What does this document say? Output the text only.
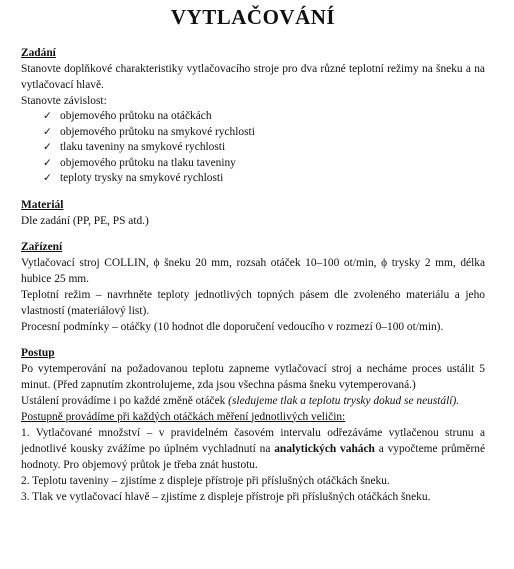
VYTLAČOVÁNÍ
Zadání

Stanovte doplňkové charakteristiky vytlačovacího stroje pro dva různé teplotní režimy na šneku a na vytlačovací hlavě.

Stanovte závislost:

✓ objemového průtoku na otáčkách
✓ objemového průtoku na smykové rychlosti
✓ tlaku taveniny na smykové rychlosti
✓ objemového průtoku na tlaku taveniny
✓ teploty trysky na smykové rychlosti
Materiál

Dle zadání (PP, PE, PS atd.)

Zařízení

Vytlačovací stroj COLLIN, ϕ šneku 20 mm, rozsah otáček 10–100 ot/min, ϕ trysky 2 mm, délka hubice 25 mm.

Teplotní režim – navrhněte teploty jednotlivých topných pásem dle zvoleného materiálu a jeho vlastností (materiálový list).

Procesní podmínky – otáčky (10 hodnot dle doporučení vedoucího v rozmezí 0–100 ot/min).

Postup

Po vytemperování na požadovanou teplotu zapneme vytlačovací stroj a necháme proces ustálit 5 minut. (Před zapnutím zkontrolujeme, zda jsou všechna pásma šneku vytemperovaná.)

Ustálení provádíme i po každé změně otáček (sledujeme tlak a teplotu trysky dokud se neustálí).

Postupně provádíme při každých otáčkách měření jednotlivých veličin:

1. Vytlačované množství – v pravidelném časovém intervalu odřezáváme vytlačenou strunu a jednotlivé kousky zvážíme po úplném vychladnutí na analytických vahách a vypočteme průměrné hodnoty. Pro objemový průtok je třeba znát hustotu.

2. Teplotu taveniny – zjistíme z displeje přístroje při příslušných otáčkách šneku.

3. Tlak ve vytlačovací hlavě – zjistíme z displeje přístroje při příslušných otáčkách šneku.
